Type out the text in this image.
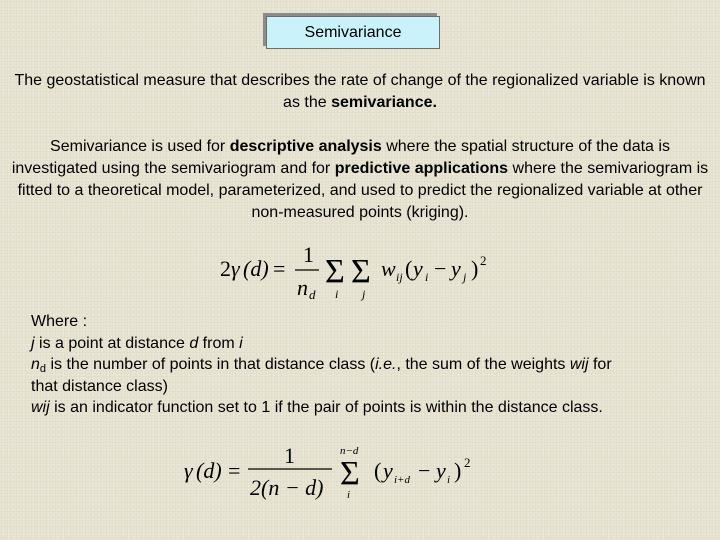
Semivariance
The geostatistical measure that describes the rate of change of the regionalized variable is known as the semivariance.
Semivariance is used for descriptive analysis where the spatial structure of the data is investigated using the semivariogram and for predictive applications where the semivariogram is fitted to a theoretical model, parameterized, and used to predict the regionalized variable at other non-measured points (kriging).
2 γ (d) =
1
n d
Σ
i
Σ
j
w ij ( y i − y j ) 2
Where :
j is a point at distance d from i
$n_d$ is the number of points in that distance class (i.e., the sum of the weights wij for
that distance class)
wij is an indicator function set to 1 if the pair of points is within the distance class.
γ (d) =
1
2(n − d)
n−d
Σ
i
( y i+d − y i ) 2
